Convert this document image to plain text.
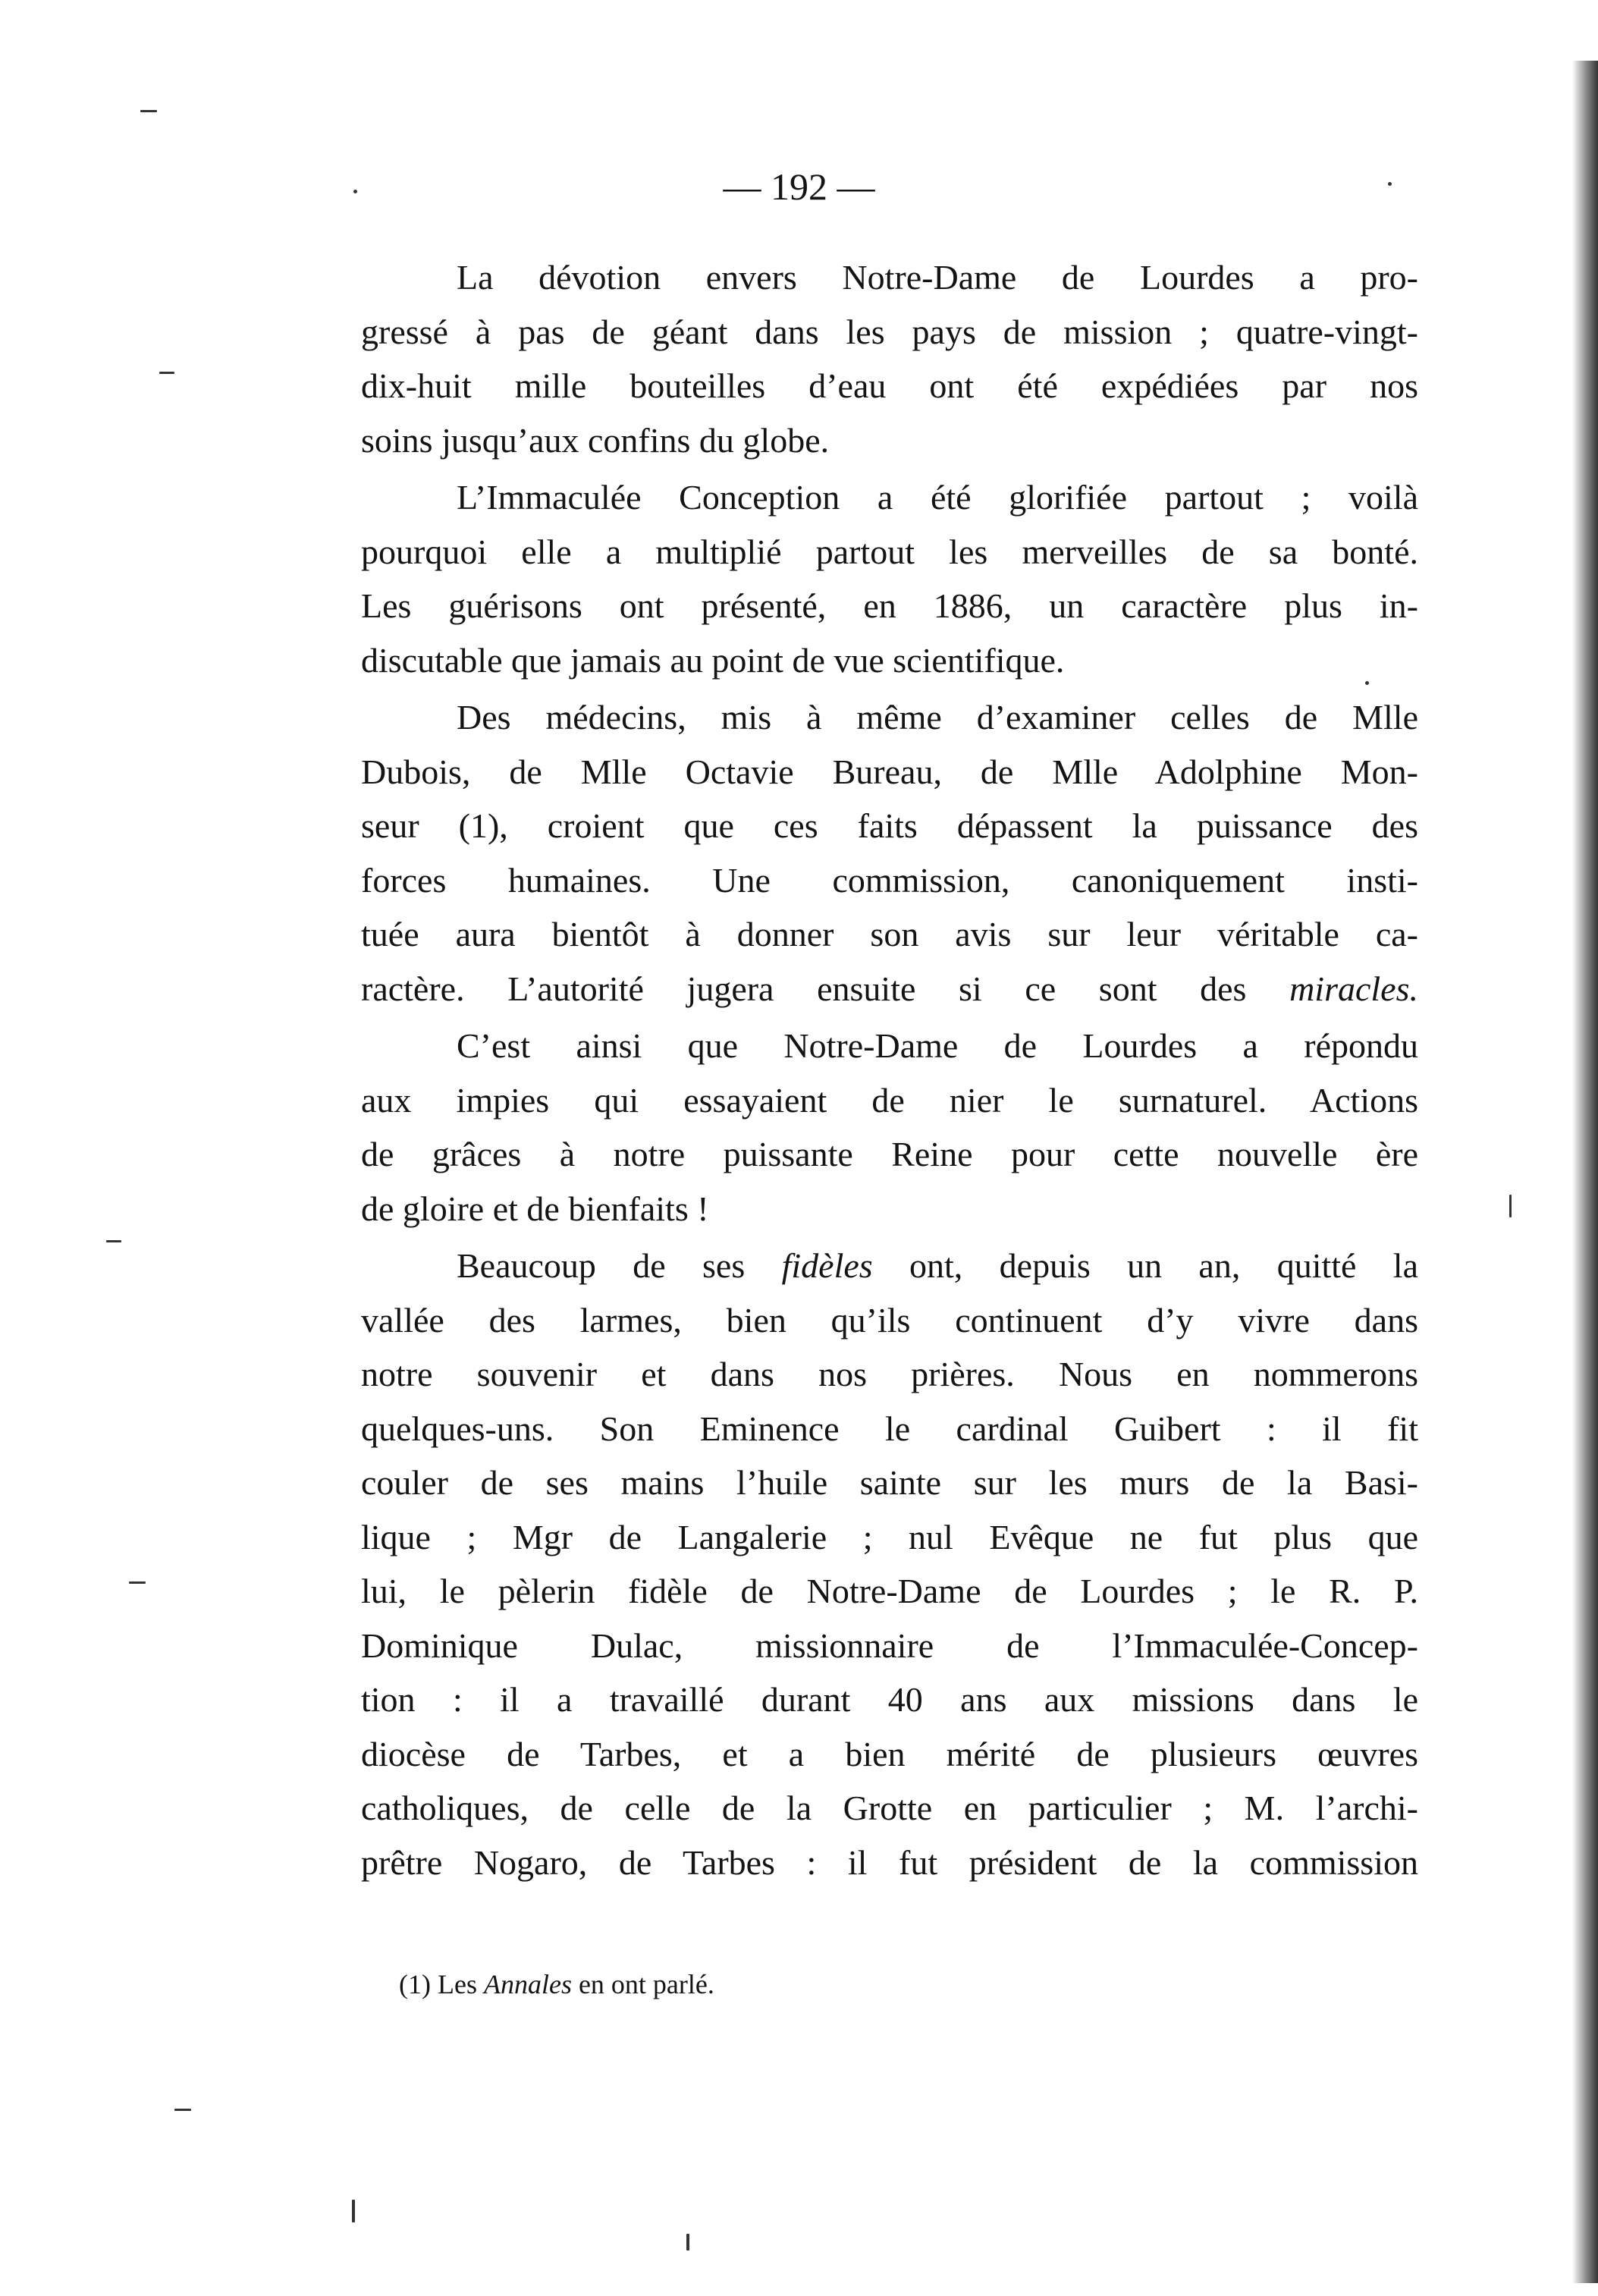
— 192 —

La dévotion envers Notre-Dame de Lourdes a pro-
gressé à pas de géant dans les pays de mission ; quatre-vingt-
dix-huit mille bouteilles d’eau ont été expédiées par nos
soins jusqu’aux confins du globe.

L’Immaculée Conception a été glorifiée partout ; voilà
pourquoi elle a multiplié partout les merveilles de sa bonté.
Les guérisons ont présenté, en 1886, un caractère plus in-
discutable que jamais au point de vue scientifique.

Des médecins, mis à même d’examiner celles de Mlle
Dubois, de Mlle Octavie Bureau, de Mlle Adolphine Mon-
seur (1), croient que ces faits dépassent la puissance des
forces humaines. Une commission, canoniquement insti-
tuée aura bientôt à donner son avis sur leur véritable ca-
ractère. L’autorité jugera ensuite si ce sont des miracles.

C’est ainsi que Notre-Dame de Lourdes a répondu
aux impies qui essayaient de nier le surnaturel. Actions
de grâces à notre puissante Reine pour cette nouvelle ère
de gloire et de bienfaits !

Beaucoup de ses fidèles ont, depuis un an, quitté la
vallée des larmes, bien qu’ils continuent d’y vivre dans
notre souvenir et dans nos prières. Nous en nommerons
quelques-uns. Son Eminence le cardinal Guibert : il fit
couler de ses mains l’huile sainte sur les murs de la Basi-
lique ; Mgr de Langalerie ; nul Evêque ne fut plus que
lui, le pèlerin fidèle de Notre-Dame de Lourdes ; le R. P.
Dominique Dulac, missionnaire de l’Immaculée-Concep-
tion : il a travaillé durant 40 ans aux missions dans le
diocèse de Tarbes, et a bien mérité de plusieurs œuvres
catholiques, de celle de la Grotte en particulier ; M. l’archi-
prêtre Nogaro, de Tarbes : il fut président de la commission

(1) Les Annales en ont parlé.
